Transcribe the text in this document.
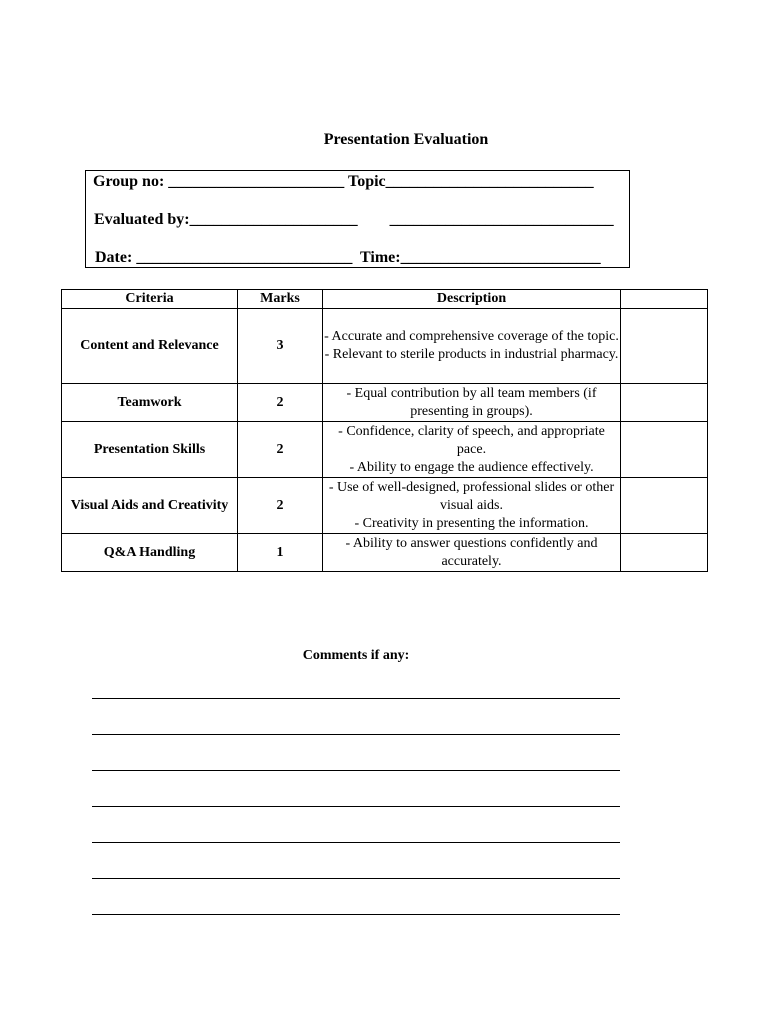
Presentation Evaluation
Group no: ______________________ Topic__________________________
Evaluated by:_____________________        ____________________________
Date: ___________________________  Time:_________________________
Criteria	Marks	Description	
Content and Relevance	3	- Accurate and comprehensive coverage of the topic.
- Relevant to sterile products in industrial pharmacy.	

Teamwork	2	- Equal contribution by all team members (if presenting in groups).	

Presentation Skills	2	- Confidence, clarity of speech, and appropriate pace.
- Ability to engage the audience effectively.	

Visual Aids and Creativity	2	- Use of well-designed, professional slides or other visual aids.
- Creativity in presenting the information.	

Q&A Handling	1	- Ability to answer questions confidently and accurately.	

Comments if any:
